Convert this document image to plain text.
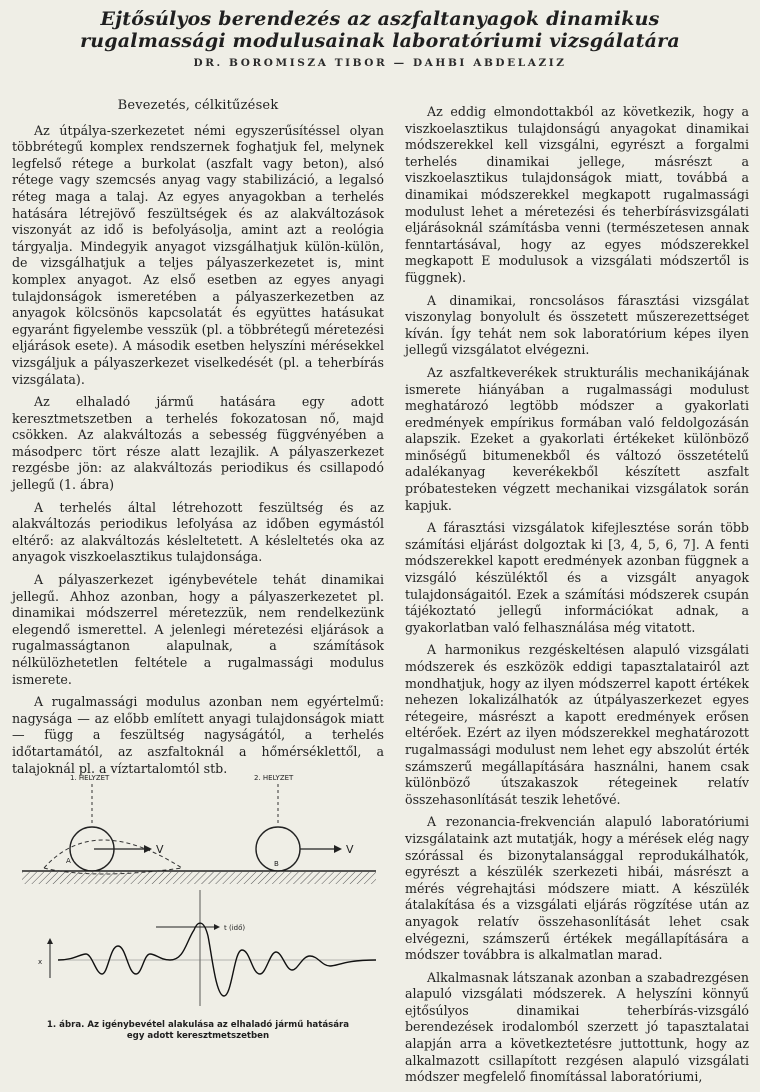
Ejtősúlyos berendezés az aszfaltanyagok dinamikus
rugalmassági modulusainak laboratóriumi vizsgálatára
DR. BOROMISZA TIBOR — DAHBI ABDELAZIZ
Bevezetés, célkitűzések

Az útpálya-szerkezetet némi egyszerűsítéssel olyan többrétegű komplex rendszernek foghatjuk fel, melynek legfelső rétege a burkolat (aszfalt vagy beton), alsó rétege vagy szemcsés anyag vagy stabilizáció, a legalsó réteg maga a talaj. Az egyes anyagokban a terhelés hatására létrejövő feszültségek és az alakváltozások viszonyát az idő is befolyásolja, amint azt a reológia tárgyalja. Mindegyik anyagot vizsgálhatjuk külön-külön, de vizsgálhatjuk a teljes pályaszerkezetet is, mint komplex anyagot. Az első esetben az egyes anyagi tulajdonságok ismeretében a pályaszerkezetben az anyagok kölcsönös kapcsolatát és együttes hatásukat egyaránt figyelembe vesszük (pl. a többrétegű méretezési eljárások esete). A második esetben helyszíni mérésekkel vizsgáljuk a pályaszerkezet viselkedését (pl. a teherbírás vizsgálata).

Az elhaladó jármű hatására egy adott keresztmetszetben a terhelés fokozatosan nő, majd csökken. Az alakváltozás a sebesség függvényében a másodperc tört része alatt lezajlik. A pályaszerkezet rezgésbe jön: az alakváltozás periodikus és csillapodó jellegű (1. ábra)

A terhelés által létrehozott feszültség és az alakváltozás periodikus lefolyása az időben egymástól eltérő: az alakváltozás késleltetett. A késleltetés oka az anyagok viszkoelasztikus tulajdonsága.

A pályaszerkezet igénybevétele tehát dinamikai jellegű. Ahhoz azonban, hogy a pályaszerkezetet pl. dinamikai módszerrel méretezzük, nem rendelkezünk elegendő ismerettel. A jelenlegi méretezési eljárások a rugalmasságtanon alapulnak, a számítások nélkülözhetetlen feltétele a rugalmassági modulus ismerete.

A rugalmassági modulus azonban nem egyértelmű: nagysága — az előbb említett anyagi tulajdonságok miatt — függ a feszültség nagyságától, a terhelés időtartamától, az aszfaltoknál a hőmérséklettől, a talajoknál pl. a víztartalomtól stb.

Az eddig elmondottakból az következik, hogy a viszkoelasztikus tulajdonságú anyagokat dinamikai módszerekkel kell vizsgálni, egyrészt a forgalmi terhelés dinamikai jellege, másrészt a viszkoelasztikus tulajdonságok miatt, továbbá a dinamikai módszerekkel megkapott rugalmassági modulust lehet a méretezési és teherbírásvizsgálati eljárásoknál számításba venni (természetesen annak fenntartásával, hogy az egyes módszerekkel megkapott E modulusok a vizsgálati módszertől is függnek).

A dinamikai, roncsolásos fárasztási vizsgálat viszonylag bonyolult és összetett műszerezettséget kíván. Így tehát nem sok laboratórium képes ilyen jellegű vizsgálatot elvégezni.

Az aszfaltkeverékek strukturális mechanikájának ismerete hiányában a rugalmassági modulust meghatározó legtöbb módszer a gyakorlati eredmények empírikus formában való feldolgozásán alapszik. Ezeket a gyakorlati értékeket különböző minőségű bitumenekből és változó összetételű adalékanyag keverékekből készített aszfalt próbatesteken végzett mechanikai vizsgálatok során kapjuk.

A fárasztási vizsgálatok kifejlesztése során több számítási eljárást dolgoztak ki [3, 4, 5, 6, 7]. A fenti módszerekkel kapott eredmények azonban függnek a vizsgáló készüléktől és a vizsgált anyagok tulajdonságaitól. Ezek a számítási módszerek csupán tájékoztató jellegű információkat adnak, a gyakorlatban való felhasználása még vitatott.

A harmonikus rezgéskeltésen alapuló vizsgálati módszerek és eszközök eddigi tapasztalatairól azt mondhatjuk, hogy az ilyen módszerrel kapott értékek nehezen lokalizálhatók az útpályaszerkezet egyes rétegeire, másrészt a kapott eredmények erősen eltérőek. Ezért az ilyen módszerekkel meghatározott rugalmassági modulust nem lehet egy abszolút érték számszerű megállapítására használni, hanem csak különböző útszakaszok rétegeinek relatív összehasonlítását teszik lehetővé.

A rezonancia-frekvencián alapuló laboratóriumi vizsgálataink azt mutatják, hogy a mérések elég nagy szórással és bizonytalansággal reprodukálhatók, egyrészt a készülék szerkezeti hibái, másrészt a mérés végrehajtási módszere miatt. A készülék átalakítása és a vizsgálati eljárás rögzítése után az anyagok relatív összehasonlítását lehet csak elvégezni, számszerű értékek megállapítására a módszer továbbra is alkalmatlan marad.

Alkalmasnak látszanak azonban a szabadrezgésen alapuló vizsgálati módszerek. A helyszíni könnyű ejtősúlyos dinamikai teherbírás-vizsgáló berendezések irodalomból szerzett jó tapasztalatai alapján arra a következtetésre juttottunk, hogy az alkalmazott csillapított rezgésen alapuló vizsgálati módszer megfelelő finomítással laboratóriumi,

1. HELYZET	2. HELYZET
V	V
A	B
t (idő)
x
1. ábra. Az igénybevétel alakulása az elhaladó jármű hatására
egy adott keresztmetszetben
